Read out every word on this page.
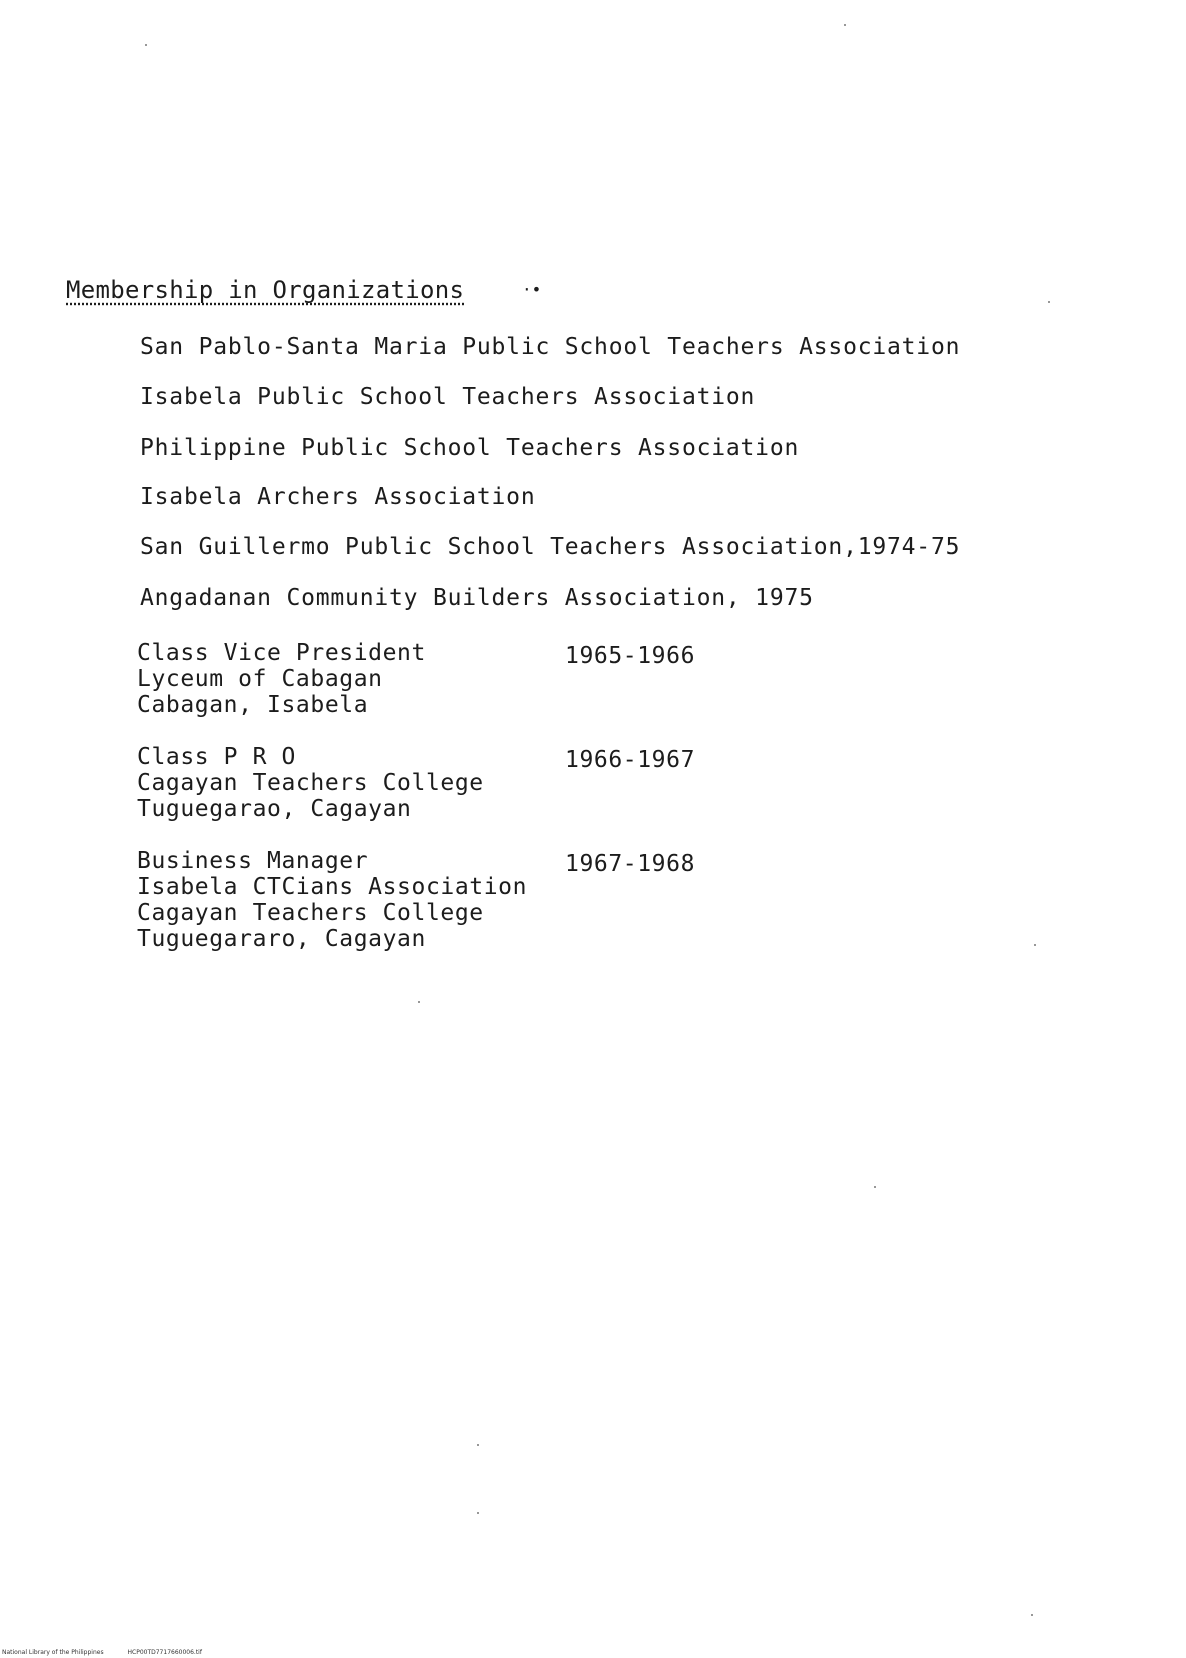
Membership in Organizations	·•
San Pablo-Santa Maria Public School Teachers Association
Isabela Public School Teachers Association
Philippine Public School Teachers Association
Isabela Archers Association
San Guillermo Public School Teachers Association,1974-75
Angadanan Community Builders Association, 1975
Class Vice President
Lyceum of Cabagan
Cabagan, Isabela
1965-1966
Class P R O
Cagayan Teachers College
Tuguegarao, Cagayan
1966-1967
Business Manager
Isabela CTCians Association
Cagayan Teachers College
Tuguegararo, Cagayan
1967-1968
National Library of the Philippines	HCP00TD7717660006.tif
